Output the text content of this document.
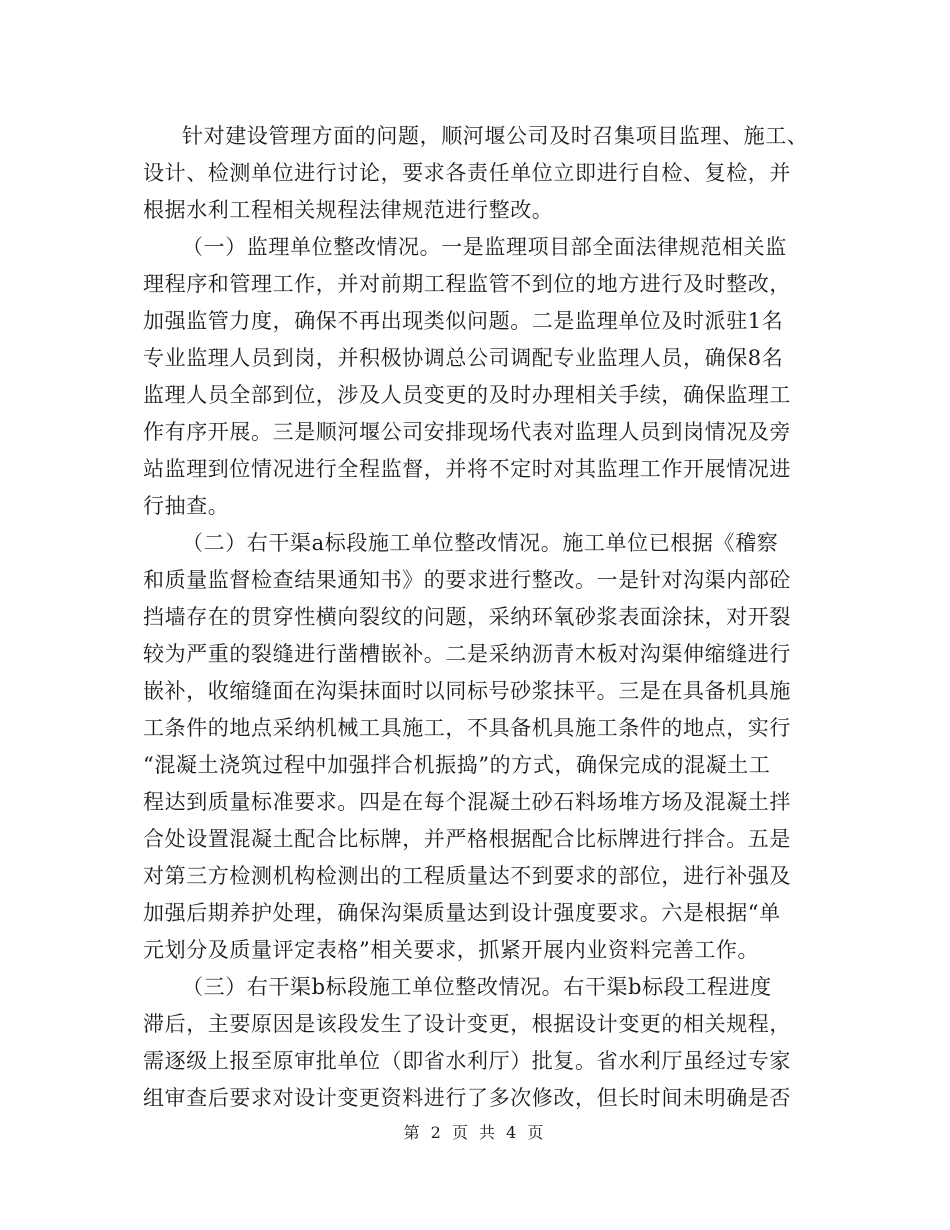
针对建设管理方面的问题，顺河堰公司及时召集项目监理、施工、
设计、检测单位进行讨论，要求各责任单位立即进行自检、复检，并
根据水利工程相关规程法律规范进行整改。
（一）监理单位整改情况。一是监理项目部全面法律规范相关监
理程序和管理工作，并对前期工程监管不到位的地方进行及时整改，
加强监管力度，确保不再出现类似问题。二是监理单位及时派驻1名
专业监理人员到岗，并积极协调总公司调配专业监理人员，确保8名
监理人员全部到位，涉及人员变更的及时办理相关手续，确保监理工
作有序开展。三是顺河堰公司安排现场代表对监理人员到岗情况及旁
站监理到位情况进行全程监督，并将不定时对其监理工作开展情况进
行抽查。
（二）右干渠a标段施工单位整改情况。施工单位已根据《稽察
和质量监督检查结果通知书》的要求进行整改。一是针对沟渠内部砼
挡墙存在的贯穿性横向裂纹的问题，采纳环氧砂浆表面涂抹，对开裂
较为严重的裂缝进行凿槽嵌补。二是采纳沥青木板对沟渠伸缩缝进行
嵌补，收缩缝面在沟渠抹面时以同标号砂浆抹平。三是在具备机具施
工条件的地点采纳机械工具施工，不具备机具施工条件的地点，实行
“混凝土浇筑过程中加强拌合机振捣”的方式，确保完成的混凝土工
程达到质量标准要求。四是在每个混凝土砂石料场堆方场及混凝土拌
合处设置混凝土配合比标牌，并严格根据配合比标牌进行拌合。五是
对第三方检测机构检测出的工程质量达不到要求的部位，进行补强及
加强后期养护处理，确保沟渠质量达到设计强度要求。六是根据“单
元划分及质量评定表格”相关要求，抓紧开展内业资料完善工作。
（三）右干渠b标段施工单位整改情况。右干渠b标段工程进度
滞后，主要原因是该段发生了设计变更，根据设计变更的相关规程，
需逐级上报至原审批单位（即省水利厅）批复。省水利厅虽经过专家
组审查后要求对设计变更资料进行了多次修改，但长时间未明确是否
第 2 页 共 4 页
